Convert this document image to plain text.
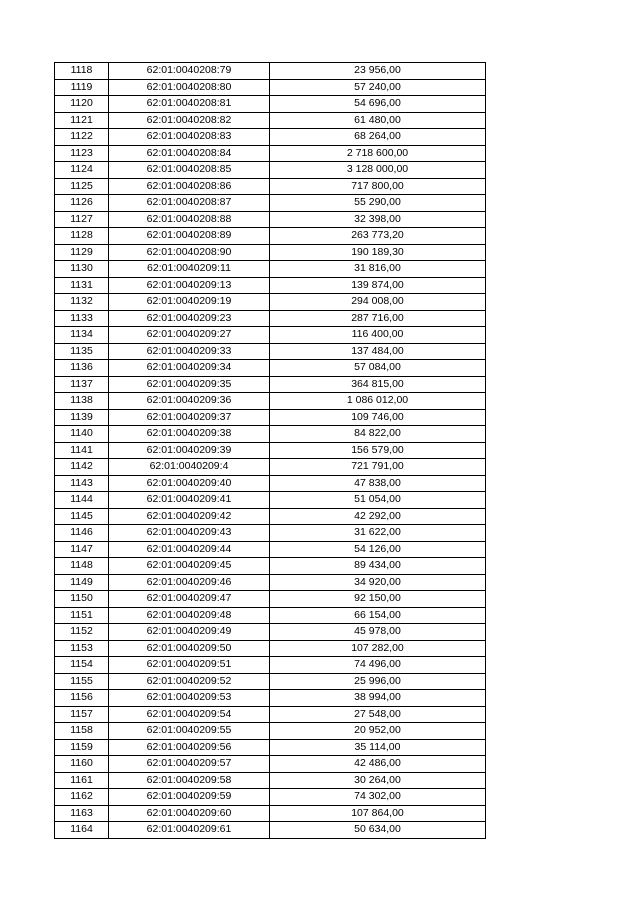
1118	62:01:0040208:79	23 956,00
1119	62:01:0040208:80	57 240,00
1120	62:01:0040208:81	54 696,00
1121	62:01:0040208:82	61 480,00
1122	62:01:0040208:83	68 264,00
1123	62:01:0040208:84	2 718 600,00
1124	62:01:0040208:85	3 128 000,00
1125	62:01:0040208:86	717 800,00
1126	62:01:0040208:87	55 290,00
1127	62:01:0040208:88	32 398,00
1128	62:01:0040208:89	263 773,20
1129	62:01:0040208:90	190 189,30
1130	62:01:0040209:11	31 816,00
1131	62:01:0040209:13	139 874,00
1132	62:01:0040209:19	294 008,00
1133	62:01:0040209:23	287 716,00
1134	62:01:0040209:27	116 400,00
1135	62:01:0040209:33	137 484,00
1136	62:01:0040209:34	57 084,00
1137	62:01:0040209:35	364 815,00
1138	62:01:0040209:36	1 086 012,00
1139	62:01:0040209:37	109 746,00
1140	62:01:0040209:38	84 822,00
1141	62:01:0040209:39	156 579,00
1142	62:01:0040209:4	721 791,00
1143	62:01:0040209:40	47 838,00
1144	62:01:0040209:41	51 054,00
1145	62:01:0040209:42	42 292,00
1146	62:01:0040209:43	31 622,00
1147	62:01:0040209:44	54 126,00
1148	62:01:0040209:45	89 434,00
1149	62:01:0040209:46	34 920,00
1150	62:01:0040209:47	92 150,00
1151	62:01:0040209:48	66 154,00
1152	62:01:0040209:49	45 978,00
1153	62:01:0040209:50	107 282,00
1154	62:01:0040209:51	74 496,00
1155	62:01:0040209:52	25 996,00
1156	62:01:0040209:53	38 994,00
1157	62:01:0040209:54	27 548,00
1158	62:01:0040209:55	20 952,00
1159	62:01:0040209:56	35 114,00
1160	62:01:0040209:57	42 486,00
1161	62:01:0040209:58	30 264,00
1162	62:01:0040209:59	74 302,00
1163	62:01:0040209:60	107 864,00
1164	62:01:0040209:61	50 634,00
